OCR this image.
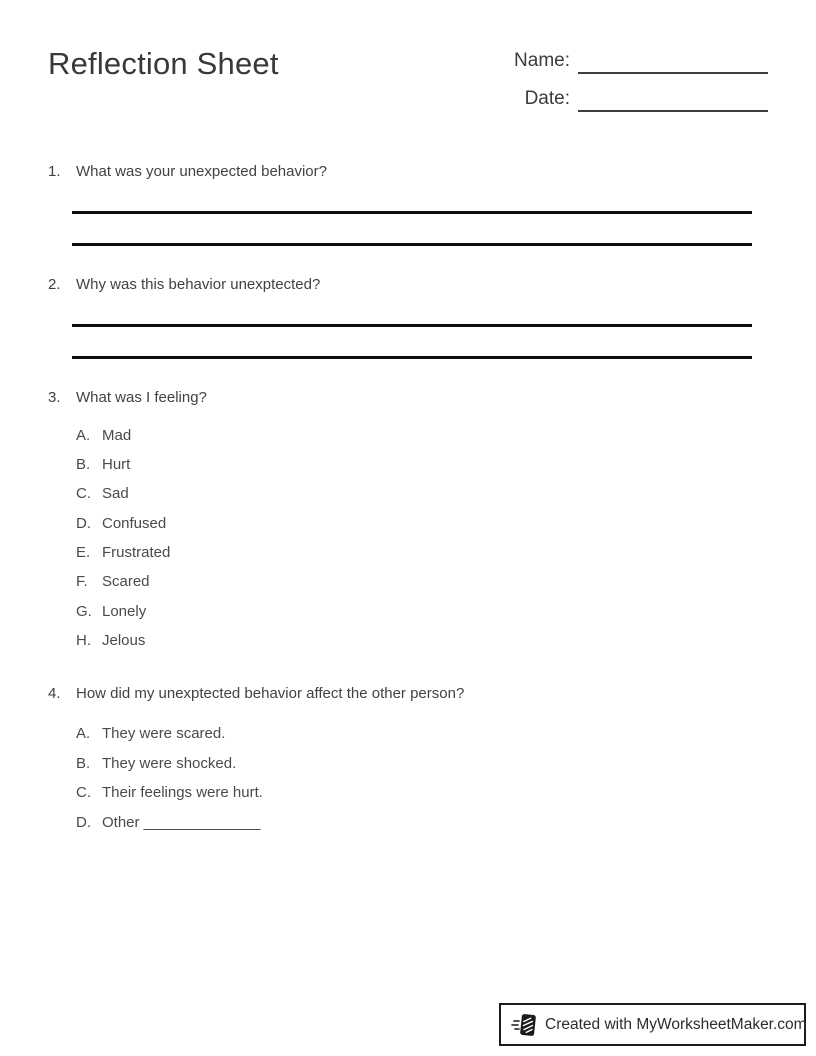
Reflection Sheet	Name:
Date:
1.	What was your unexpected behavior?
2.	Why was this behavior unexptected?
3.	What was I feeling?
A. Mad
B. Hurt
C. Sad
D. Confused
E. Frustrated
F. Scared
G. Lonely
H. Jelous
4.	How did my unexptected behavior affect the other person?
A. They were scared.
B. They were shocked.
C. Their feelings were hurt.
D. Other ______________
Created with MyWorksheetMaker.com
